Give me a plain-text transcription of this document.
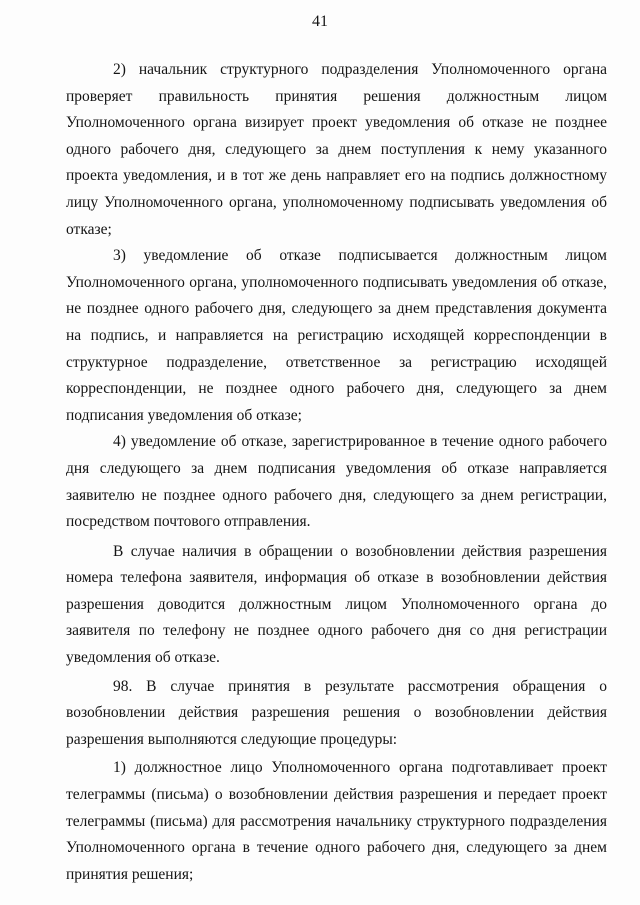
41

2) начальник структурного подразделения Уполномоченного органа проверяет правильность принятия решения должностным лицом Уполномоченного органа визирует проект уведомления об отказе не позднее одного рабочего дня, следующего за днем поступления к нему указанного проекта уведомления, и в тот же день направляет его на подпись должностному лицу Уполномоченного органа, уполномоченному подписывать уведомления об отказе;

3) уведомление об отказе подписывается должностным лицом Уполномоченного органа, уполномоченного подписывать уведомления об отказе, не позднее одного рабочего дня, следующего за днем представления документа на подпись, и направляется на регистрацию исходящей корреспонденции в структурное подразделение, ответственное за регистрацию исходящей корреспонденции, не позднее одного рабочего дня, следующего за днем подписания уведомления об отказе;

4) уведомление об отказе, зарегистрированное в течение одного рабочего дня следующего за днем подписания уведомления об отказе направляется заявителю не позднее одного рабочего дня, следующего за днем регистрации, посредством почтового отправления.

В случае наличия в обращении о возобновлении действия разрешения номера телефона заявителя, информация об отказе в возобновлении действия разрешения доводится должностным лицом Уполномоченного органа до заявителя по телефону не позднее одного рабочего дня со дня регистрации уведомления об отказе.

98. В случае принятия в результате рассмотрения обращения о возобновлении действия разрешения решения о возобновлении действия разрешения выполняются следующие процедуры:

1) должностное лицо Уполномоченного органа подготавливает проект телеграммы (письма) о возобновлении действия разрешения и передает проект телеграммы (письма) для рассмотрения начальнику структурного подразделения Уполномоченного органа в течение одного рабочего дня, следующего за днем принятия решения;
